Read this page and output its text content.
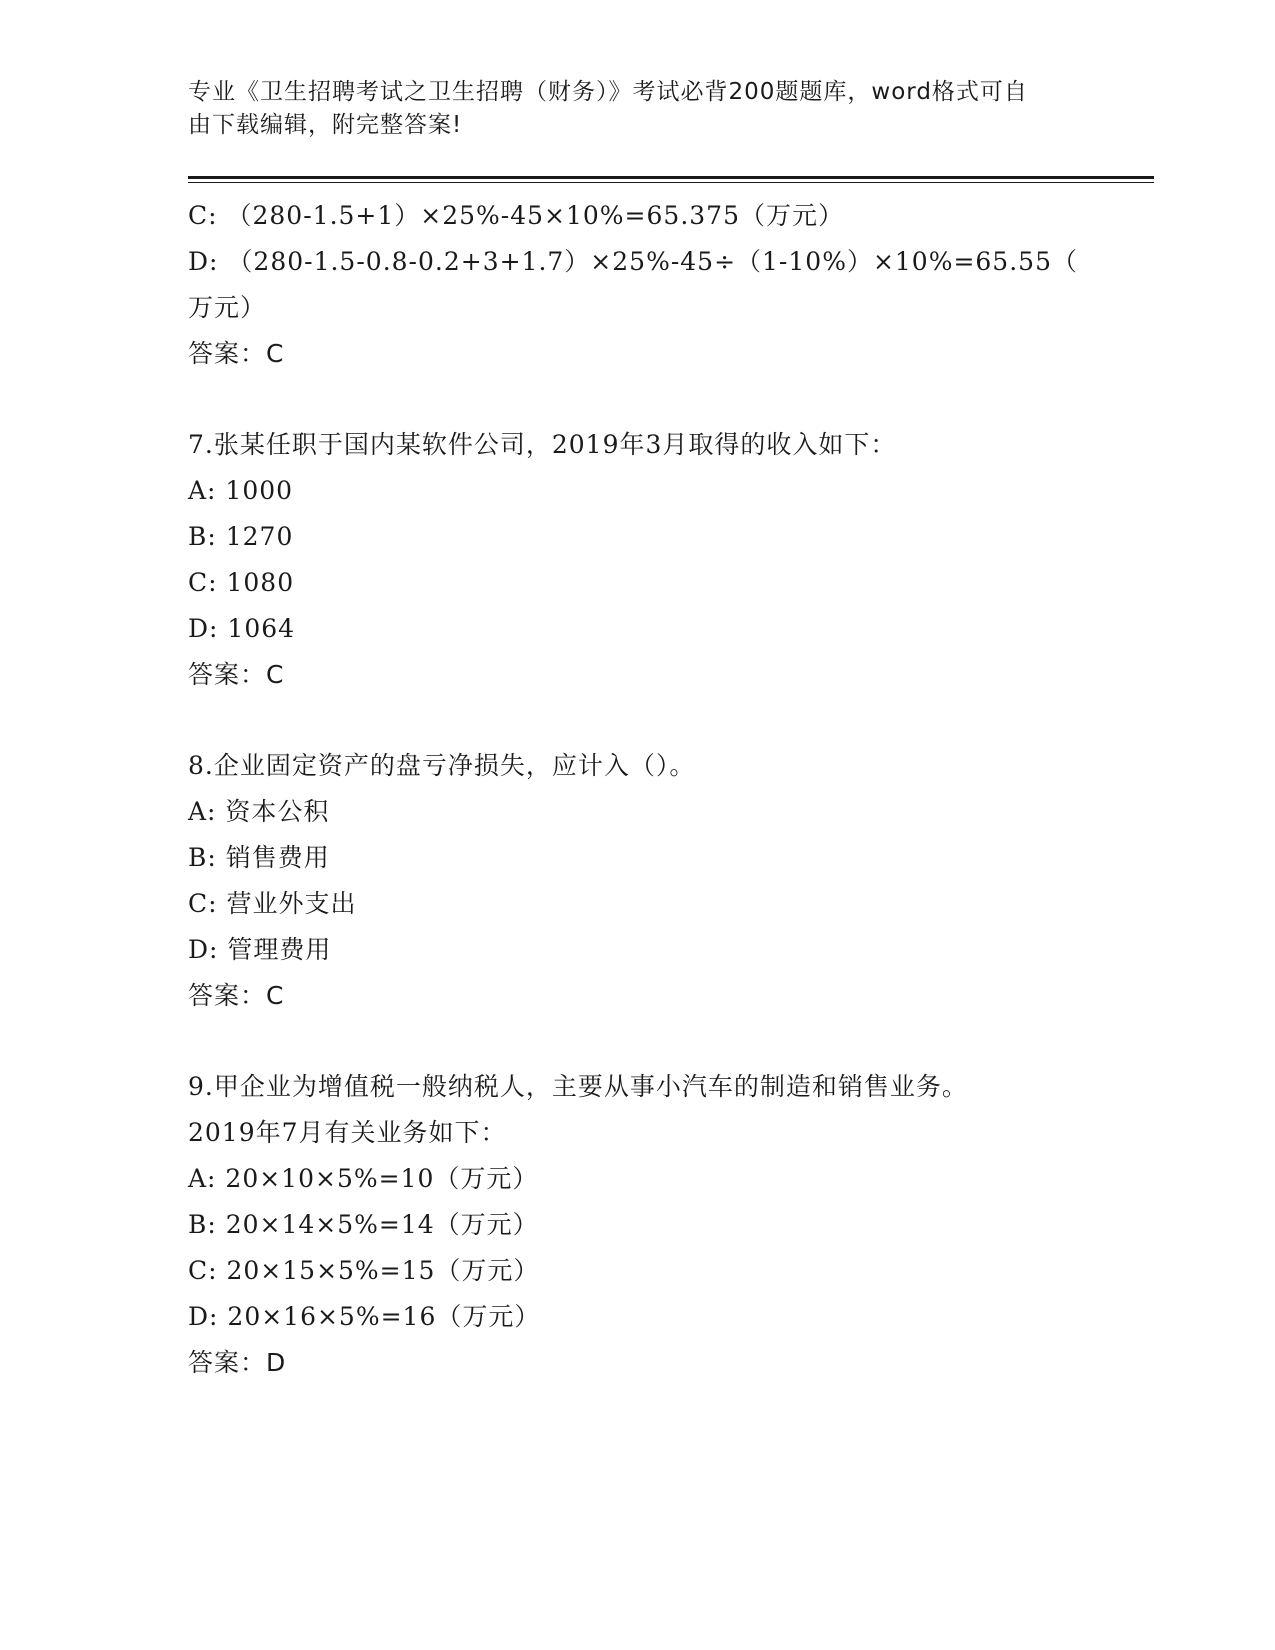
专业《卫生招聘考试之卫生招聘（财务）》考试必背200题题库，word格式可自
由下载编辑，附完整答案!
C: （280-1.5+1）×25%-45×10%=65.375（万元）
D: （280-1.5-0.8-0.2+3+1.7）×25%-45÷（1-10%）×10%=65.55（
万元）
答案：C
7.张某任职于国内某软件公司，2019年3月取得的收入如下：
A: 1000
B: 1270
C: 1080
D: 1064
答案：C
8.企业固定资产的盘亏净损失，应计入（）。
A: 资本公积
B: 销售费用
C: 营业外支出
D: 管理费用
答案：C
9.甲企业为增值税一般纳税人，主要从事小汽车的制造和销售业务。
2019年7月有关业务如下：
A: 20×10×5%=10（万元）
B: 20×14×5%=14（万元）
C: 20×15×5%=15（万元）
D: 20×16×5%=16（万元）
答案：D
